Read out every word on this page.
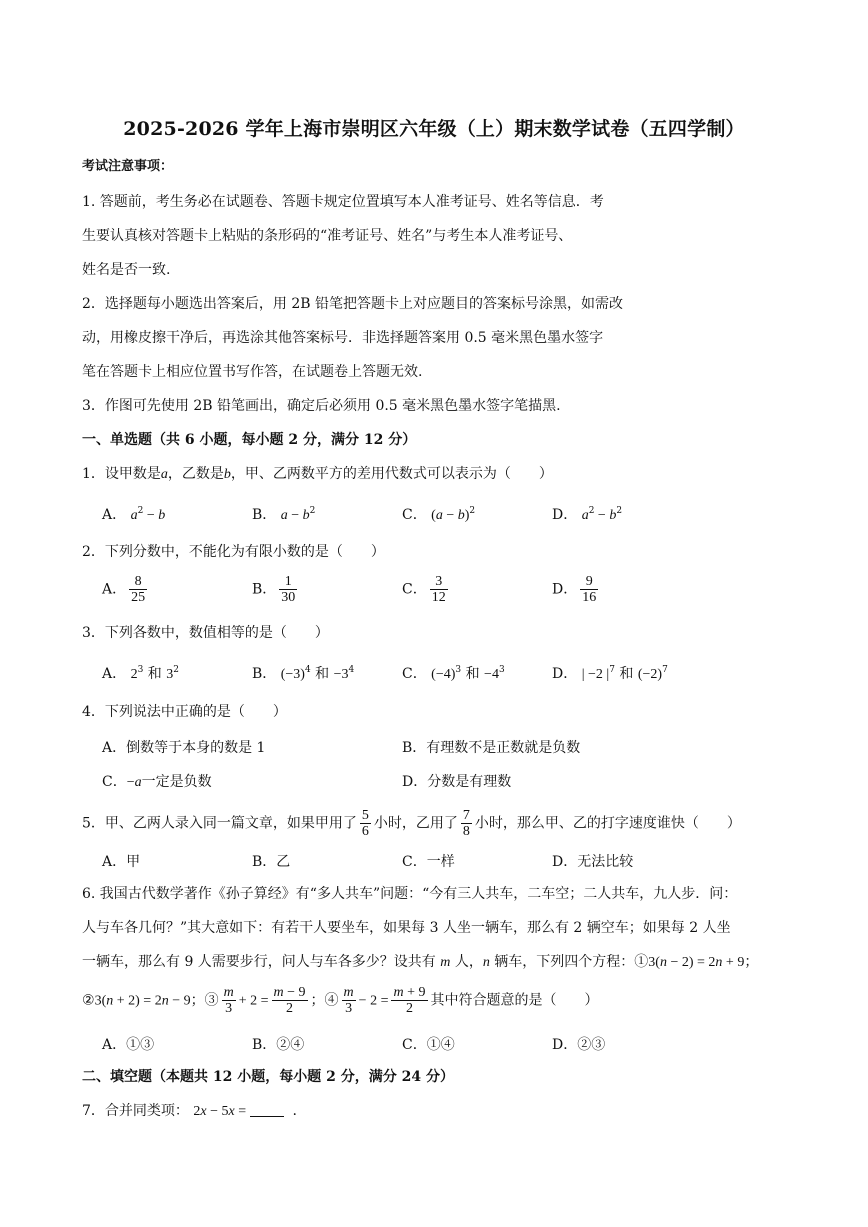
2025-2026 学年上海市崇明区六年级（上）期末数学试卷（五四学制）
考试注意事项：
1. 答题前，考生务必在试题卷、答题卡规定位置填写本人准考证号、姓名等信息．考
生要认真核对答题卡上粘贴的条形码的“准考证号、姓名”与考生本人准考证号、
姓名是否一致.
2．选择题每小题选出答案后，用 2B 铅笔把答题卡上对应题目的答案标号涂黑，如需改
动，用橡皮擦干净后，再选涂其他答案标号．非选择题答案用 0.5 毫米黑色墨水签字
笔在答题卡上相应位置书写作答，在试题卷上答题无效.
3．作图可先使用 2B 铅笔画出，确定后必须用 0.5 毫米黑色墨水签字笔描黑.
一、单选题（共 6 小题，每小题 2 分，满分 12 分）
1．设甲数是a，乙数是b，甲、乙两数平方的差用代数式可以表示为（　　）
A． $a^2 - b$	B． $a - b^2$	C． $(a - b)^2$	D． $a^2 - b^2$
2．下列分数中，不能化为有限小数的是（　　）
A． $\frac{8}{25}$	B． $\frac{1}{30}$	C． $\frac{3}{12}$	D． $\frac{9}{16}$
3．下列各数中，数值相等的是（　　）
A． $2^3$ 和 $3^2$	B． $(-3)^4$ 和 $-3^4$	C． $(-4)^3$ 和 $-4^3$	D． | −2 $|^7$ 和 $(-2)^7$
4．下列说法中正确的是（　　）
A．倒数等于本身的数是 1	B．有理数不是正数就是负数
C．−a一定是负数	D．分数是有理数
5．甲、乙两人录入同一篇文章，如果甲用了 $\frac{5}{6}$ 小时，乙用了 $\frac{7}{8}$ 小时，那么甲、乙的打字速度谁快（　　）
A．甲	B．乙	C．一样	D．无法比较
6. 我国古代数学著作《孙子算经》有“多人共车”问题：“今有三人共车，二车空；二人共车，九人步．问：
人与车各几何？”其大意如下：有若干人要坐车，如果每 3 人坐一辆车，那么有 2 辆空车；如果每 2 人坐
一辆车，那么有 9 人需要步行，问人与车各多少？设共有 m 人，n 辆车，下列四个方程：①3(n − 2) = 2n + 9；
②3(n + 2) = 2n − 9；③ $\frac{m}{3} + 2 = \frac{m - 9}{2}$ ；④ $\frac{m}{3} - 2 = \frac{m + 9}{2}$ 其中符合题意的是（　　）
A．①③	B．②④	C．①④	D．②③
二、填空题（本题共 12 小题，每小题 2 分，满分 24 分）
7．合并同类项： 2x − 5x =   .
